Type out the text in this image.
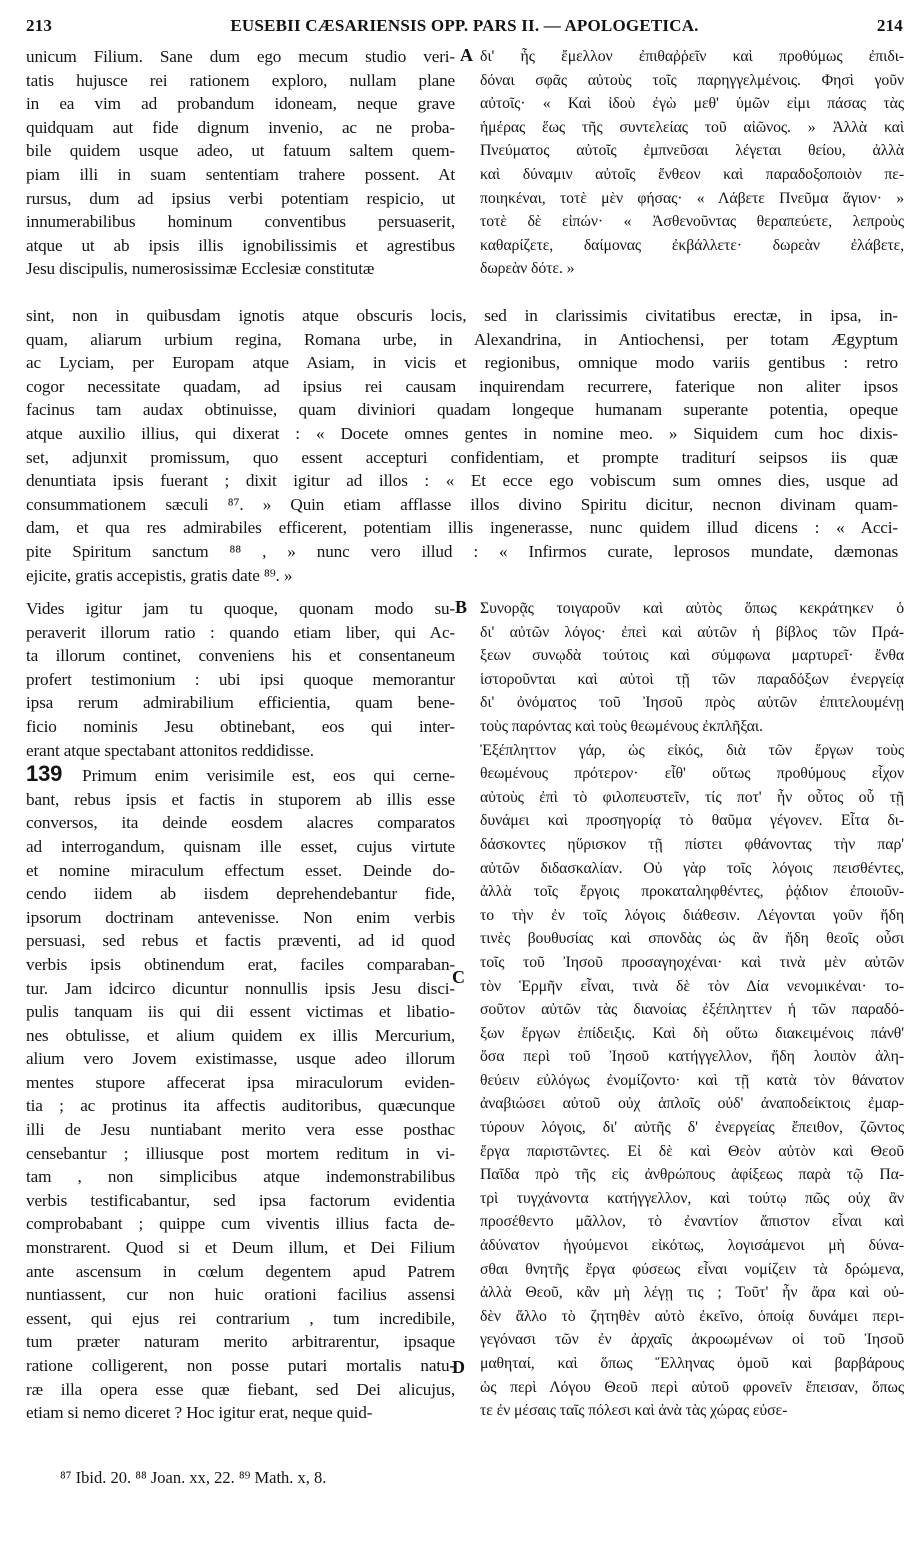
213	EUSEBII CÆSARIENSIS OPP. PARS II. — APOLOGETICA.	214
unicum Filium. Sane dum ego mecum studio veri-
tatis hujusce rei rationem exploro, nullam plane
in ea vim ad probandum idoneam, neque grave
quidquam aut fide dignum invenio, ac ne proba-
bile quidem usque adeo, ut fatuum saltem quem-
piam illi in suam sententiam trahere possent. At
rursus, dum ad ipsius verbi potentiam respicio, ut
innumerabilibus hominum conventibus persuaserit,
atque ut ab ipsis illis ignobilissimis et agrestibus
Jesu discipulis, numerosissimæ Ecclesiæ constitutæ
A δι' ἧς ἔμελλον ἐπιθαῤῥεῖν καὶ προθύμως ἐπιδι-
δόναι σφᾶς αὐτοὺς τοῖς παρηγγελμένοις. Φησὶ γοῦν
αὐτοῖς· « Καὶ ἰδοὺ ἐγὼ μεθ' ὑμῶν εἰμι πάσας τὰς
ἡμέρας ἕως τῆς συντελείας τοῦ αἰῶνος. » Ἀλλὰ καὶ
Πνεύματος αὐτοῖς ἐμπνεῦσαι λέγεται θείου, ἀλλὰ
καὶ δύναμιν αὐτοῖς ἔνθεον καὶ παραδοξοποιὸν πε-
ποιηκέναι, τοτὲ μὲν φήσας· « Λάβετε Πνεῦμα ἅγιον· »
τοτὲ δὲ εἰπών· « Ἀσθενοῦντας θεραπεύετε, λεπροὺς
καθαρίζετε, δαίμονας ἐκβάλλετε· δωρεὰν ἐλάβετε,
δωρεὰν δότε. »
sint, non in quibusdam ignotis atque obscuris locis, sed in clarissimis civitatibus erectæ, in ipsa, in-
quam, aliarum urbium regina, Romana urbe, in Alexandrina, in Antiochensi, per totam Ægyptum
ac Lyciam, per Europam atque Asiam, in vicis et regionibus, omnique modo variis gentibus : retro
cogor necessitate quadam, ad ipsius rei causam inquirendam recurrere, faterique non aliter ipsos
facinus tam audax obtinuisse, quam diviniori quadam longeque humanam superante potentia, opeque
atque auxilio illius, qui dixerat : « Docete omnes gentes in nomine meo. » Siquidem cum hoc dixis-
set, adjunxit promissum, quo essent accepturi confidentiam, et prompte traditurí seipsos iis quæ
denuntiata ipsis fuerant ; dixit igitur ad illos : « Et ecce ego vobiscum sum omnes dies, usque ad
consummationem sæculi ⁸⁷. » Quin etiam afflasse illos divino Spiritu dicitur, necnon divinam quam-
dam, et qua res admirabiles efficerent, potentiam illis ingenerasse, nunc quidem illud dicens : « Acci-
pite Spiritum sanctum ⁸⁸ , » nunc vero illud : « Infirmos curate, leprosos mundate, dæmonas
ejicite, gratis accepistis, gratis date ⁸⁹. »
Vides igitur jam tu quoque, quonam modo su-
peraverit illorum ratio : quando etiam liber, qui Ac-
ta illorum continet, conveniens his et consentaneum
profert testimonium : ubi ipsi quoque memorantur
ipsa rerum admirabilium efficientia, quam bene-
ficio nominis Jesu obtinebant, eos qui inter-
erant atque spectabant attonitos reddidisse.
139 Primum enim verisimile est, eos qui cerne-
bant, rebus ipsis et factis in stuporem ab illis esse
conversos, ita deinde eosdem alacres comparatos
ad interrogandum, quisnam ille esset, cujus virtute
et nomine miraculum effectum esset. Deinde do-
cendo iidem ab iisdem deprehendebantur fide,
ipsorum doctrinam antevenisse. Non enim verbis
persuasi, sed rebus et factis præventi, ad id quod
verbis ipsis obtinendum erat, faciles comparaban-
tur. Jam idcirco dicuntur nonnullis ipsis Jesu disci-
pulis tanquam iis qui dii essent victimas et libatio-
nes obtulisse, et alium quidem ex illis Mercurium,
alium vero Jovem existimasse, usque adeo illorum
mentes stupore affecerat ipsa miraculorum eviden-
tia ; ac protinus ita affectis auditoribus, quæcunque
illi de Jesu nuntiabant merito vera esse posthac
censebantur ; illiusque post mortem reditum in vi-
tam , non simplicibus atque indemonstrabilibus
verbis testificabantur, sed ipsa factorum evidentia
comprobabant ; quippe cum viventis illius facta de-
monstrarent. Quod si et Deum illum, et Dei Filium
ante ascensum in cœlum degentem apud Patrem
nuntiassent, cur non huic orationi facilius assensi
essent, qui ejus rei contrarium , tum incredibile,
tum præter naturam merito arbitrarentur, ipsaque
ratione colligerent, non posse putari mortalis natu-
ræ illa opera esse quæ fiebant, sed Dei alicujus,
etiam si nemo diceret ? Hoc igitur erat, neque quid-
B
C
D
Συνορᾷς τοιγαροῦν καὶ αὐτὸς ὅπως κεκράτηκεν ὁ
δι' αὐτῶν λόγος· ἐπεὶ καὶ αὐτῶν ἡ βίβλος τῶν Πρά-
ξεων συνῳδὰ τούτοις καὶ σύμφωνα μαρτυρεῖ· ἔνθα
ἱστοροῦνται καὶ αὐτοὶ τῇ τῶν παραδόξων ἐνεργείᾳ
δι' ὀνόματος τοῦ Ἰησοῦ πρὸς αὐτῶν ἐπιτελουμένῃ
τοὺς παρόντας καὶ τοὺς θεωμένους ἐκπλῆξαι.
Ἐξέπληττον γάρ, ὡς εἰκός, διὰ τῶν ἔργων τοὺς
θεωμένους πρότερον· εἶθ' οὕτως προθύμους εἶχον
αὐτοὺς ἐπὶ τὸ φιλοπευστεῖν, τίς ποτ' ἦν οὗτος οὗ τῇ
δυνάμει καὶ προσηγορίᾳ τὸ θαῦμα γέγονεν. Εἶτα δι-
δάσκοντες ηὕρισκον τῇ πίστει φθάνοντας τὴν παρ'
αὐτῶν διδασκαλίαν. Οὐ γὰρ τοῖς λόγοις πεισθέντες,
ἀλλὰ τοῖς ἔργοις προκαταληφθέντες, ῥᾴδιον ἐποιοῦν-
το τὴν ἐν τοῖς λόγοις διάθεσιν. Λέγονται γοῦν ἤδη
τινὲς βουθυσίας καὶ σπονδὰς ὡς ἂν ἤδη θεοῖς οὖσι
τοῖς τοῦ Ἰησοῦ προσαγηοχέναι· καὶ τινὰ μὲν αὐτῶν
τὸν Ἑρμῆν εἶναι, τινὰ δὲ τὸν Δία νενομικέναι· το-
σοῦτον αὐτῶν τὰς διανοίας ἐξέπληττεν ἡ τῶν παραδό-
ξων ἔργων ἐπίδειξις. Καὶ δὴ οὕτω διακειμένοις πάνθ'
ὅσα περὶ τοῦ Ἰησοῦ κατήγγελλον, ἤδη λοιπὸν ἀλη-
θεύειν εὐλόγως ἐνομίζοντο· καὶ τῇ κατὰ τὸν θάνατον
ἀναβιώσει αὐτοῦ οὐχ ἁπλοῖς οὐδ' ἀναποδείκτοις ἐμαρ-
τύρουν λόγοις, δι' αὐτῆς δ' ἐνεργείας ἔπειθον, ζῶντος
ἔργα παριστῶντες. Εἰ δὲ καὶ Θεὸν αὐτὸν καὶ Θεοῦ
Παῖδα πρὸ τῆς εἰς ἀνθρώπους ἀφίξεως παρὰ τῷ Πα-
τρὶ τυγχάνοντα κατήγγελλον, καὶ τούτῳ πῶς οὐχ ἂν
προσέθεντο μᾶλλον, τὸ ἐναντίον ἄπιστον εἶναι καὶ
ἀδύνατον ἡγούμενοι εἰκότως, λογισάμενοι μὴ δύνα-
σθαι θνητῆς ἔργα φύσεως εἶναι νομίζειν τὰ δρώμενα,
ἀλλὰ Θεοῦ, κἂν μὴ λέγῃ τις ; Τοῦτ' ἦν ἄρα καὶ οὐ-
δὲν ἄλλο τὸ ζητηθὲν αὐτὸ ἐκεῖνο, ὁποίᾳ δυνάμει περι-
γεγόνασι τῶν ἐν ἀρχαῖς ἀκροωμένων οἱ τοῦ Ἰησοῦ
μαθηταί, καὶ ὅπως Ἕλληνας ὁμοῦ καὶ βαρβάρους
ὡς περὶ Λόγου Θεοῦ περὶ αὐτοῦ φρονεῖν ἔπεισαν, ὅπως
τε ἐν μέσαις ταῖς πόλεσι καὶ ἀνὰ τὰς χώρας εὐσε-
⁸⁷ Ibid. 20. ⁸⁸ Joan. xx, 22. ⁸⁹ Math. x, 8.
